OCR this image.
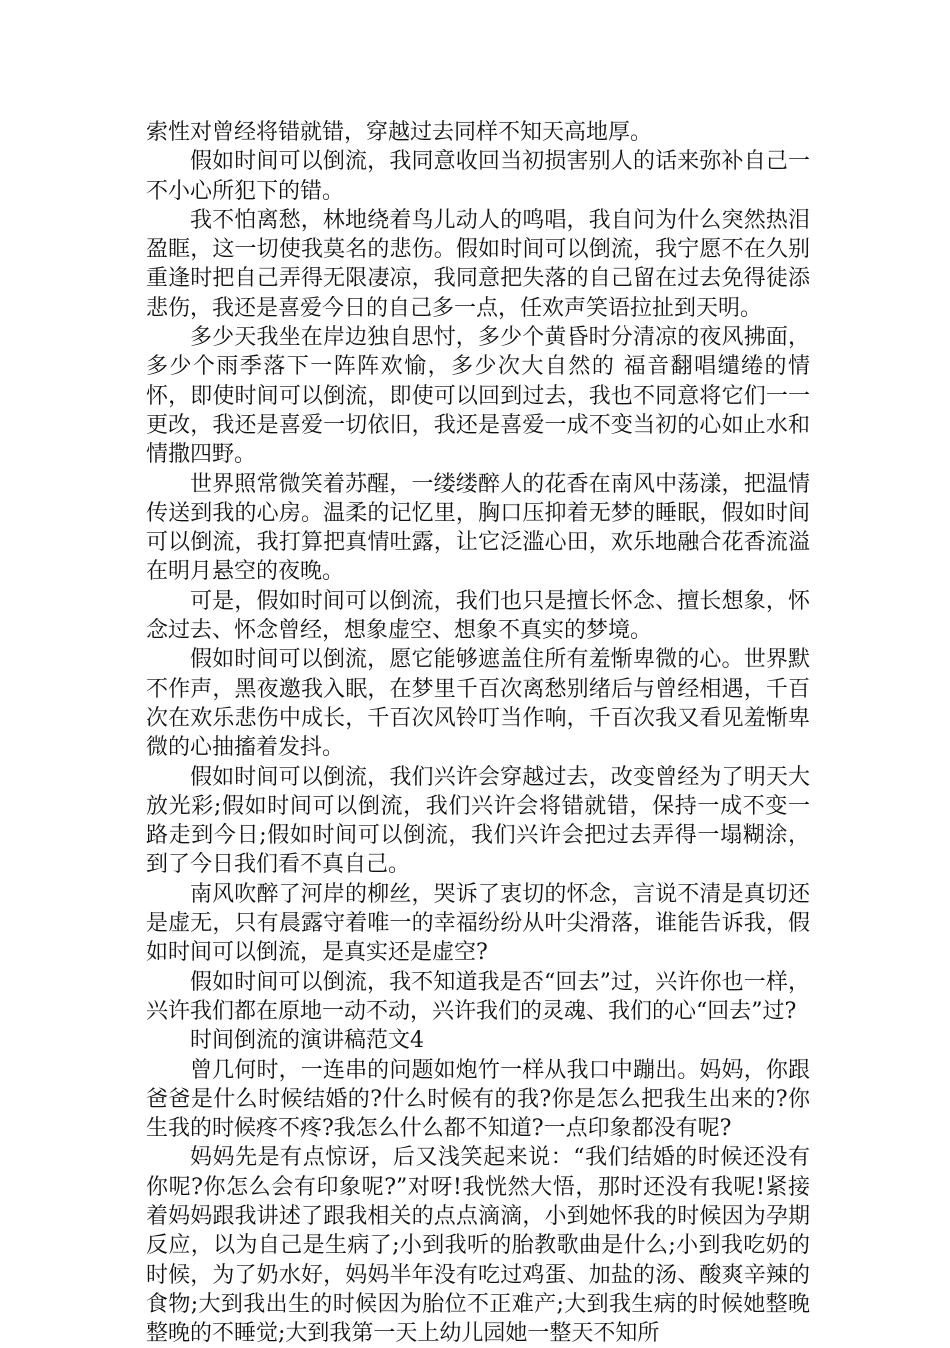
索性对曾经将错就错，穿越过去同样不知天高地厚。

假如时间可以倒流，我同意收回当初损害别人的话来弥补自己一不小心所犯下的错。

我不怕离愁，林地绕着鸟儿动人的鸣唱，我自问为什么突然热泪盈眶，这一切使我莫名的悲伤。假如时间可以倒流，我宁愿不在久别重逢时把自己弄得无限凄凉，我同意把失落的自己留在过去免得徒添悲伤，我还是喜爱今日的自己多一点，任欢声笑语拉扯到天明。

多少天我坐在岸边独自思忖，多少个黄昏时分清凉的夜风拂面，多少个雨季落下一阵阵欢愉，多少次大自然的 福音翻唱缱绻的情怀，即使时间可以倒流，即使可以回到过去，我也不同意将它们一一更改，我还是喜爱一切依旧，我还是喜爱一成不变当初的心如止水和情撒四野。

世界照常微笑着苏醒，一缕缕醉人的花香在南风中荡漾，把温情传送到我的心房。温柔的记忆里，胸口压抑着无梦的睡眠，假如时间可以倒流，我打算把真情吐露，让它泛滥心田，欢乐地融合花香流溢在明月悬空的夜晚。

可是，假如时间可以倒流，我们也只是擅长怀念、擅长想象，怀念过去、怀念曾经，想象虚空、想象不真实的梦境。

假如时间可以倒流，愿它能够遮盖住所有羞惭卑微的心。世界默不作声，黑夜邀我入眠，在梦里千百次离愁别绪后与曾经相遇，千百次在欢乐悲伤中成长，千百次风铃叮当作响，千百次我又看见羞惭卑微的心抽搐着发抖。

假如时间可以倒流，我们兴许会穿越过去，改变曾经为了明天大放光彩;假如时间可以倒流，我们兴许会将错就错，保持一成不变一路走到今日;假如时间可以倒流，我们兴许会把过去弄得一塌糊涂，到了今日我们看不真自己。

南风吹醉了河岸的柳丝，哭诉了衷切的怀念，言说不清是真切还是虚无，只有晨露守着唯一的幸福纷纷从叶尖滑落，谁能告诉我，假如时间可以倒流，是真实还是虚空?

假如时间可以倒流，我不知道我是否“回去”过，兴许你也一样，兴许我们都在原地一动不动，兴许我们的灵魂、我们的心“回去”过?

时间倒流的演讲稿范文4

曾几何时，一连串的问题如炮竹一样从我口中蹦出。妈妈，你跟爸爸是什么时候结婚的?什么时候有的我?你是怎么把我生出来的?你生我的时候疼不疼?我怎么什么都不知道?一点印象都没有呢?

妈妈先是有点惊讶，后又浅笑起来说：“我们结婚的时候还没有你呢?你怎么会有印象呢?”对呀!我恍然大悟，那时还没有我呢!紧接着妈妈跟我讲述了跟我相关的点点滴滴，小到她怀我的时候因为孕期反应，以为自己是生病了;小到我听的胎教歌曲是什么;小到我吃奶的时候，为了奶水好，妈妈半年没有吃过鸡蛋、加盐的汤、酸爽辛辣的食物;大到我出生的时候因为胎位不正难产;大到我生病的时候她整晚整晚的不睡觉;大到我第一天上幼儿园她一整天不知所
